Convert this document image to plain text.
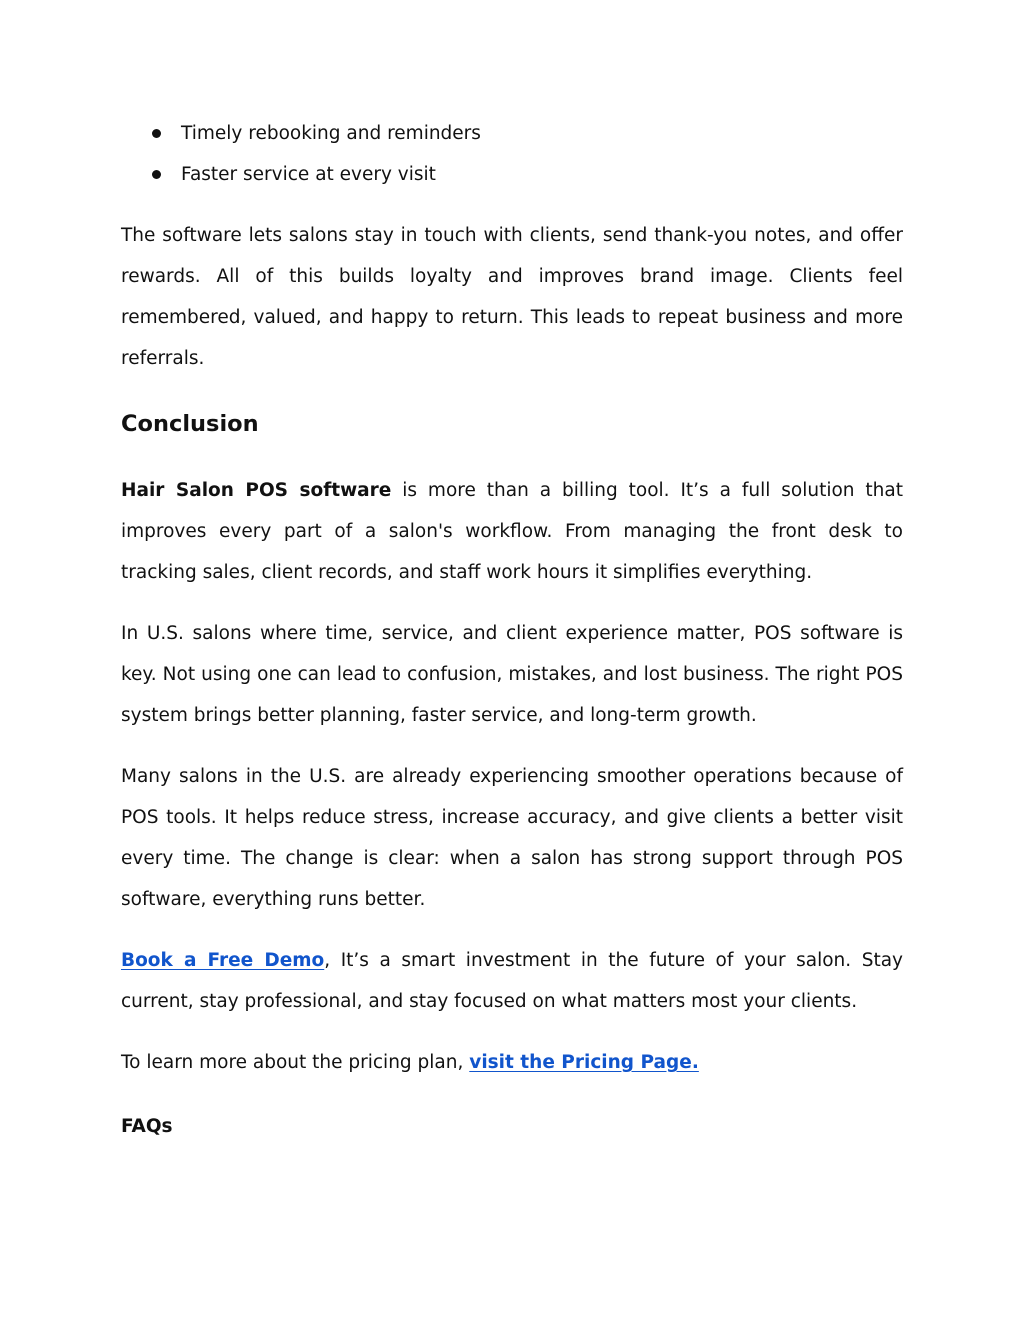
Timely rebooking and reminders
Faster service at every visit

The software lets salons stay in touch with clients, send thank-you notes, and offer rewards. All of this builds loyalty and improves brand image. Clients feel remembered, valued, and happy to return. This leads to repeat business and more referrals.

Conclusion

Hair Salon POS software is more than a billing tool. It’s a full solution that improves every part of a salon's workflow. From managing the front desk to tracking sales, client records, and staff work hours it simplifies everything.

In U.S. salons where time, service, and client experience matter, POS software is key. Not using one can lead to confusion, mistakes, and lost business. The right POS system brings better planning, faster service, and long-term growth.

Many salons in the U.S. are already experiencing smoother operations because of POS tools. It helps reduce stress, increase accuracy, and give clients a better visit every time. The change is clear: when a salon has strong support through POS software, everything runs better.

Book a Free Demo, It’s a smart investment in the future of your salon. Stay current, stay professional, and stay focused on what matters most your clients.

To learn more about the pricing plan, visit the Pricing Page.

FAQs
